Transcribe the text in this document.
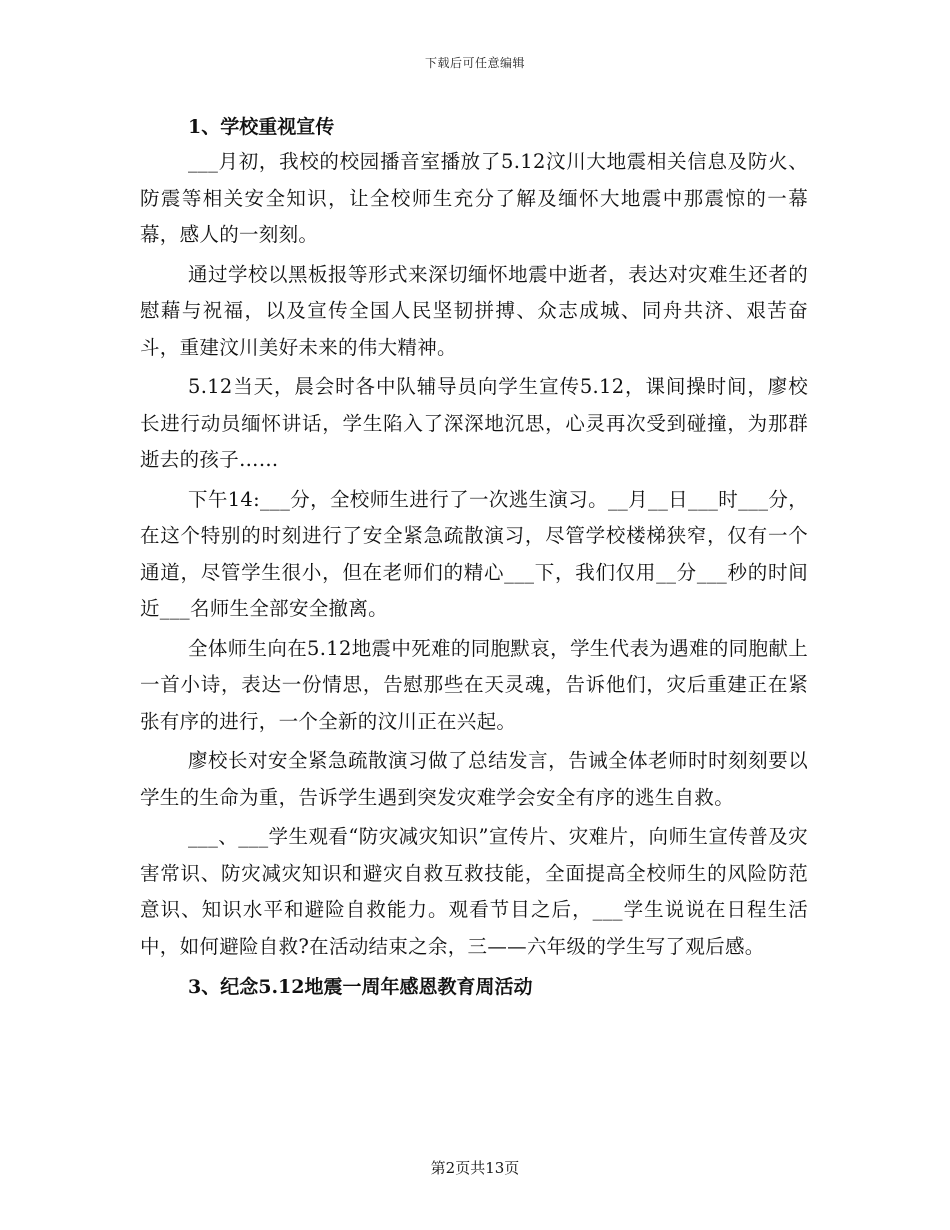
下载后可任意编辑
1、学校重视宣传

___月初，我校的校园播音室播放了5.12汶川大地震相关信息及防火、防震等相关安全知识，让全校师生充分了解及缅怀大地震中那震惊的一幕幕，感人的一刻刻。

通过学校以黑板报等形式来深切缅怀地震中逝者，表达对灾难生还者的慰藉与祝福，以及宣传全国人民坚韧拼搏、众志成城、同舟共济、艰苦奋斗，重建汶川美好未来的伟大精神。

5.12当天，晨会时各中队辅导员向学生宣传5.12，课间操时间，廖校长进行动员缅怀讲话，学生陷入了深深地沉思，心灵再次受到碰撞，为那群逝去的孩子……

下午14:___分，全校师生进行了一次逃生演习。__月__日___时___分，在这个特别的时刻进行了安全紧急疏散演习，尽管学校楼梯狭窄，仅有一个通道，尽管学生很小，但在老师们的精心___下，我们仅用__分___秒的时间近___名师生全部安全撤离。

全体师生向在5.12地震中死难的同胞默哀，学生代表为遇难的同胞献上一首小诗，表达一份情思，告慰那些在天灵魂，告诉他们，灾后重建正在紧张有序的进行，一个全新的汶川正在兴起。

廖校长对安全紧急疏散演习做了总结发言，告诫全体老师时时刻刻要以学生的生命为重，告诉学生遇到突发灾难学会安全有序的逃生自救。

___、___学生观看“防灾减灾知识”宣传片、灾难片，向师生宣传普及灾害常识、防灾减灾知识和避灾自救互救技能，全面提高全校师生的风险防范意识、知识水平和避险自救能力。观看节目之后，___学生说说在日程生活中，如何避险自救?在活动结束之余，三——六年级的学生写了观后感。

3、纪念5.12地震一周年感恩教育周活动
第2页共13页
